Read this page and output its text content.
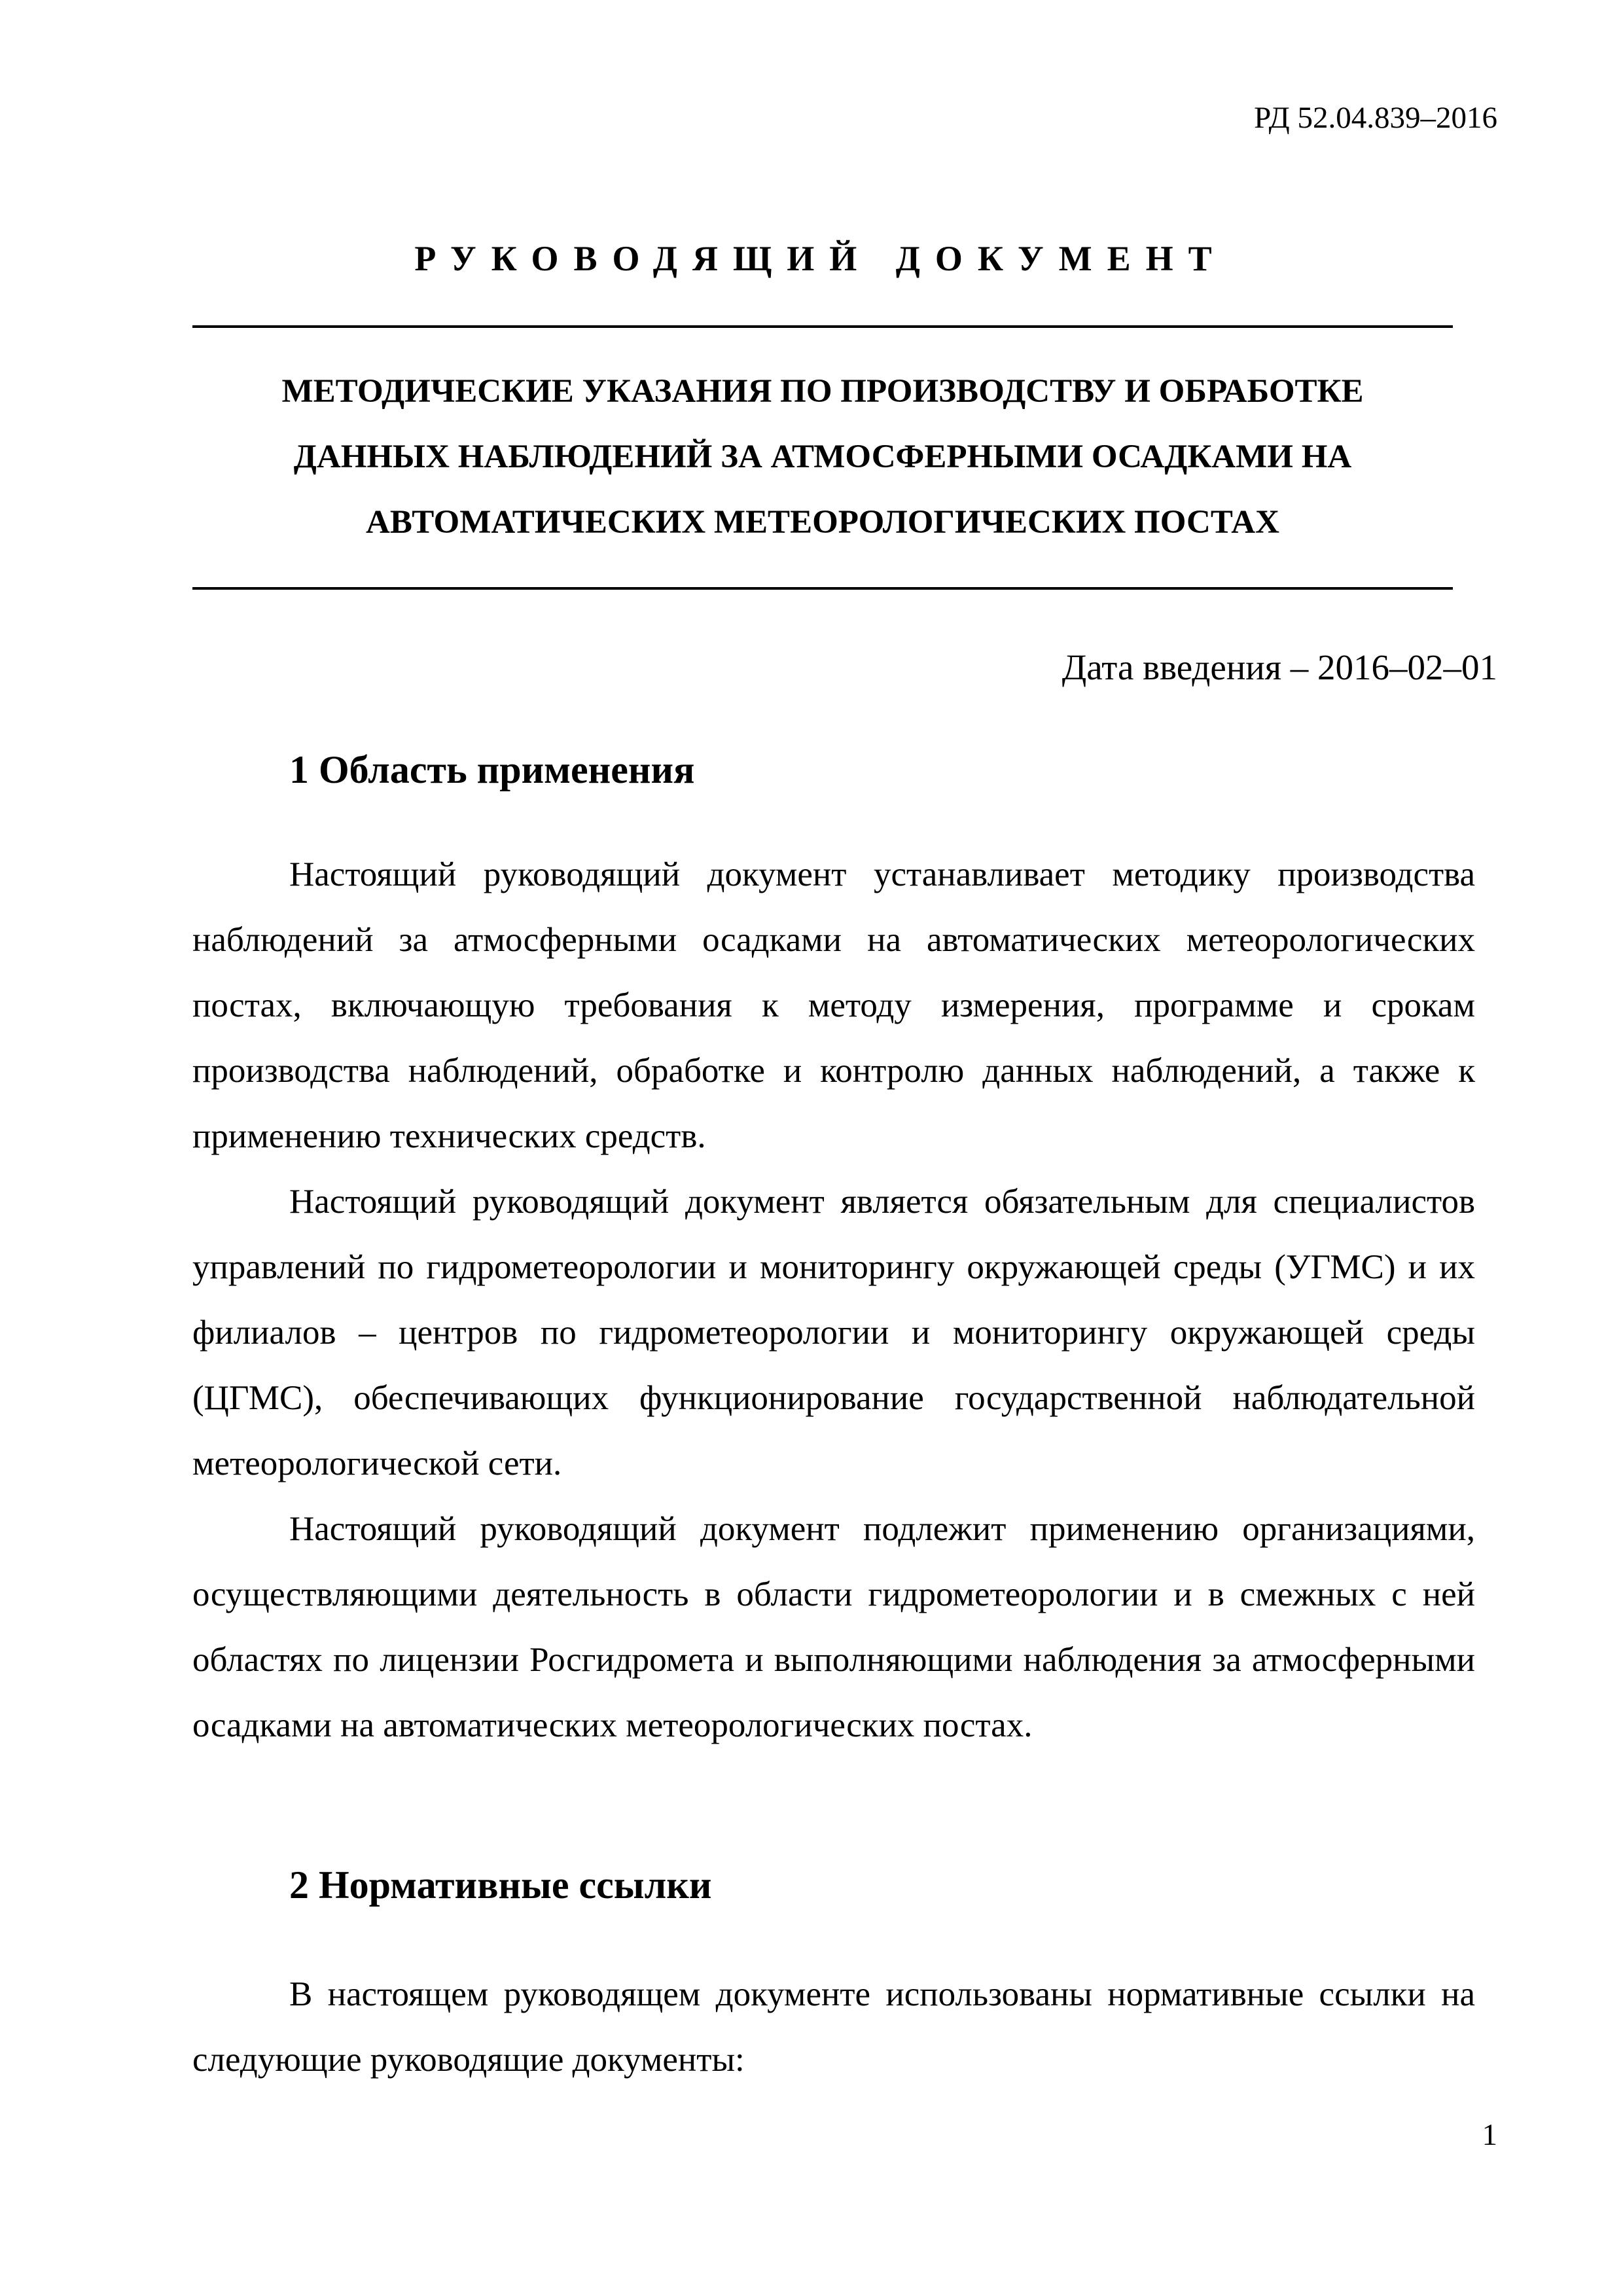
РД 52.04.839–2016
РУКОВОДЯЩИЙ ДОКУМЕНТ
МЕТОДИЧЕСКИЕ УКАЗАНИЯ ПО ПРОИЗВОДСТВУ И ОБРАБОТКЕ
ДАННЫХ НАБЛЮДЕНИЙ ЗА АТМОСФЕРНЫМИ ОСАДКАМИ НА
АВТОМАТИЧЕСКИХ МЕТЕОРОЛОГИЧЕСКИХ ПОСТАХ
Дата введения – 2016–02–01
1 Область применения

Настоящий руководящий документ устанавливает методику производства наблюдений за атмосферными осадками на автоматических метеорологических постах, включающую требования к методу измерения, программе и срокам производства наблюдений, обработке и контролю данных наблюдений, а также к применению технических средств.

Настоящий руководящий документ является обязательным для специалистов управлений по гидрометеорологии и мониторингу окружающей среды (УГМС) и их филиалов – центров по гидрометеорологии и мониторингу окружающей среды (ЦГМС), обеспечивающих функционирование государственной наблюдательной метеорологической сети.

Настоящий руководящий документ подлежит применению организациями, осуществляющими деятельность в области гидрометеорологии и в смежных с ней областях по лицензии Росгидромета и выполняющими наблюдения за атмосферными осадками на автоматических метеорологических постах.

2 Нормативные ссылки

В настоящем руководящем документе использованы нормативные ссылки на следующие руководящие документы:

1
